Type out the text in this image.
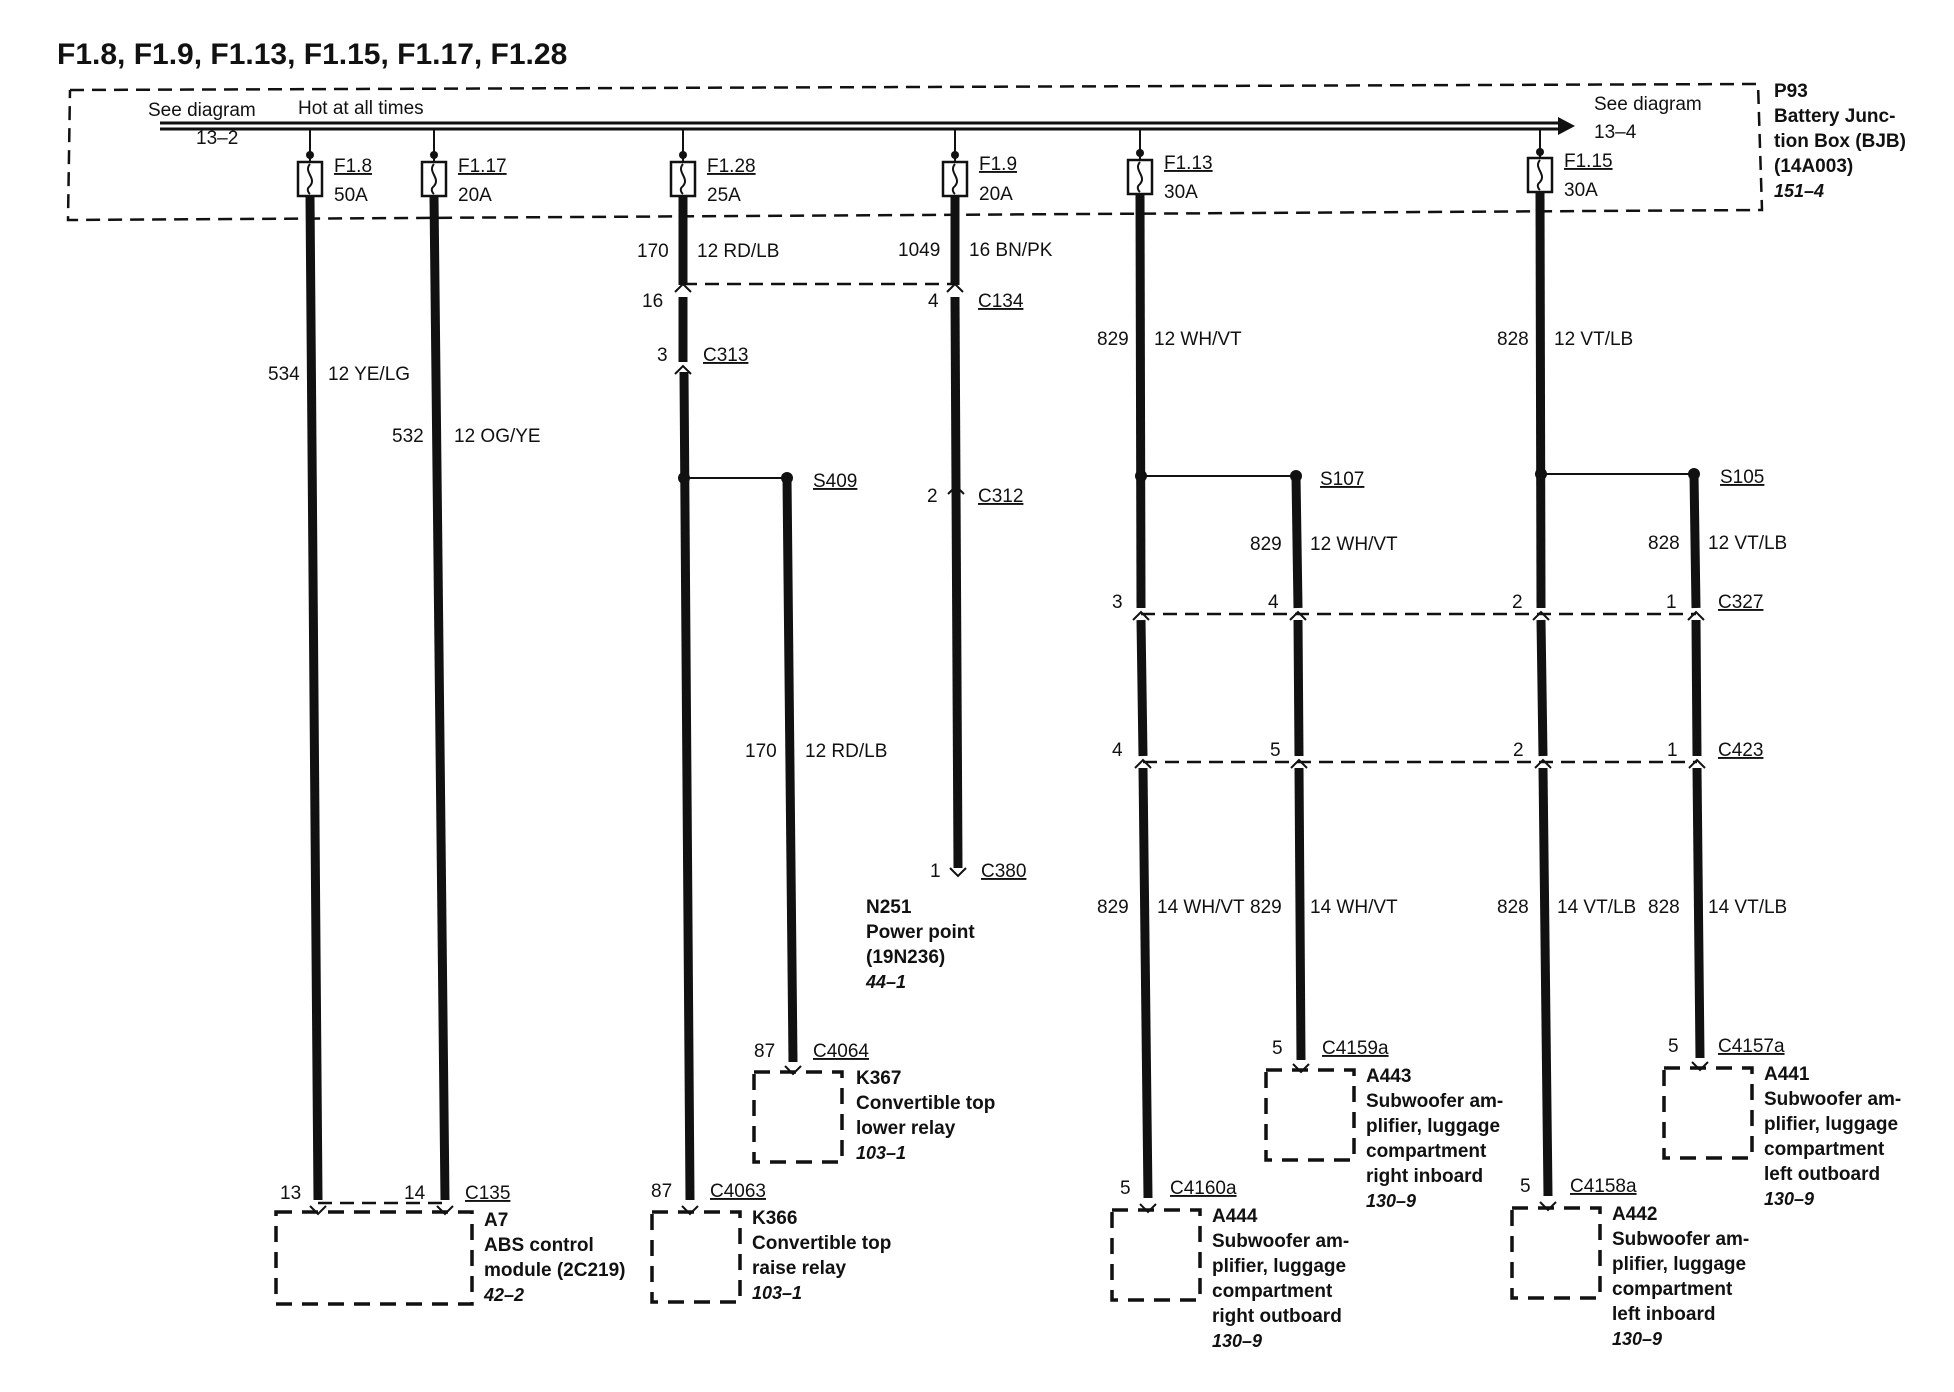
F1.8, F1.9, F1.13, F1.15, F1.17, F1.28
See diagram
13–2
Hot at all times	See diagram
13–4
P93
Battery Junc-
tion Box (BJB)
(14A003)
151–4
F1.8
50A
F1.17
20A
F1.28
25A
F1.9
20A
F1.13
30A
F1.15
30A
534 12 YE/LG
532 12 OG/YE
170 12 RD/LB	1049 16 BN/PK
829 12 WH/VT	828 12 VT/LB
829 12 WH/VT	828 12 VT/LB
170 12 RD/LB
829 14 WH/VT 829 14 WH/VT	828 14 VT/LB 828 14 VT/LB
16	4 C134
3 C313
2 C312
1 C380
3	4	2	1 C327
4	5	2	1 C423
13	14 C135	87 C4063
87 C4064
5 C4160a
5 C4159a
5 C4158a
5 C4157a
S409	S107	S105
A7
ABS control
module (2C219)
42–2
K366
Convertible top
raise relay
103–1
K367
Convertible top
lower relay
103–1
N251
Power point
(19N236)
44–1
A444
Subwoofer am-
plifier, luggage
compartment
right outboard
130–9
A443
Subwoofer am-
plifier, luggage
compartment
right inboard
130–9
A442
Subwoofer am-
plifier, luggage
compartment
left inboard
130–9
A441
Subwoofer am-
plifier, luggage
compartment
left outboard
130–9
